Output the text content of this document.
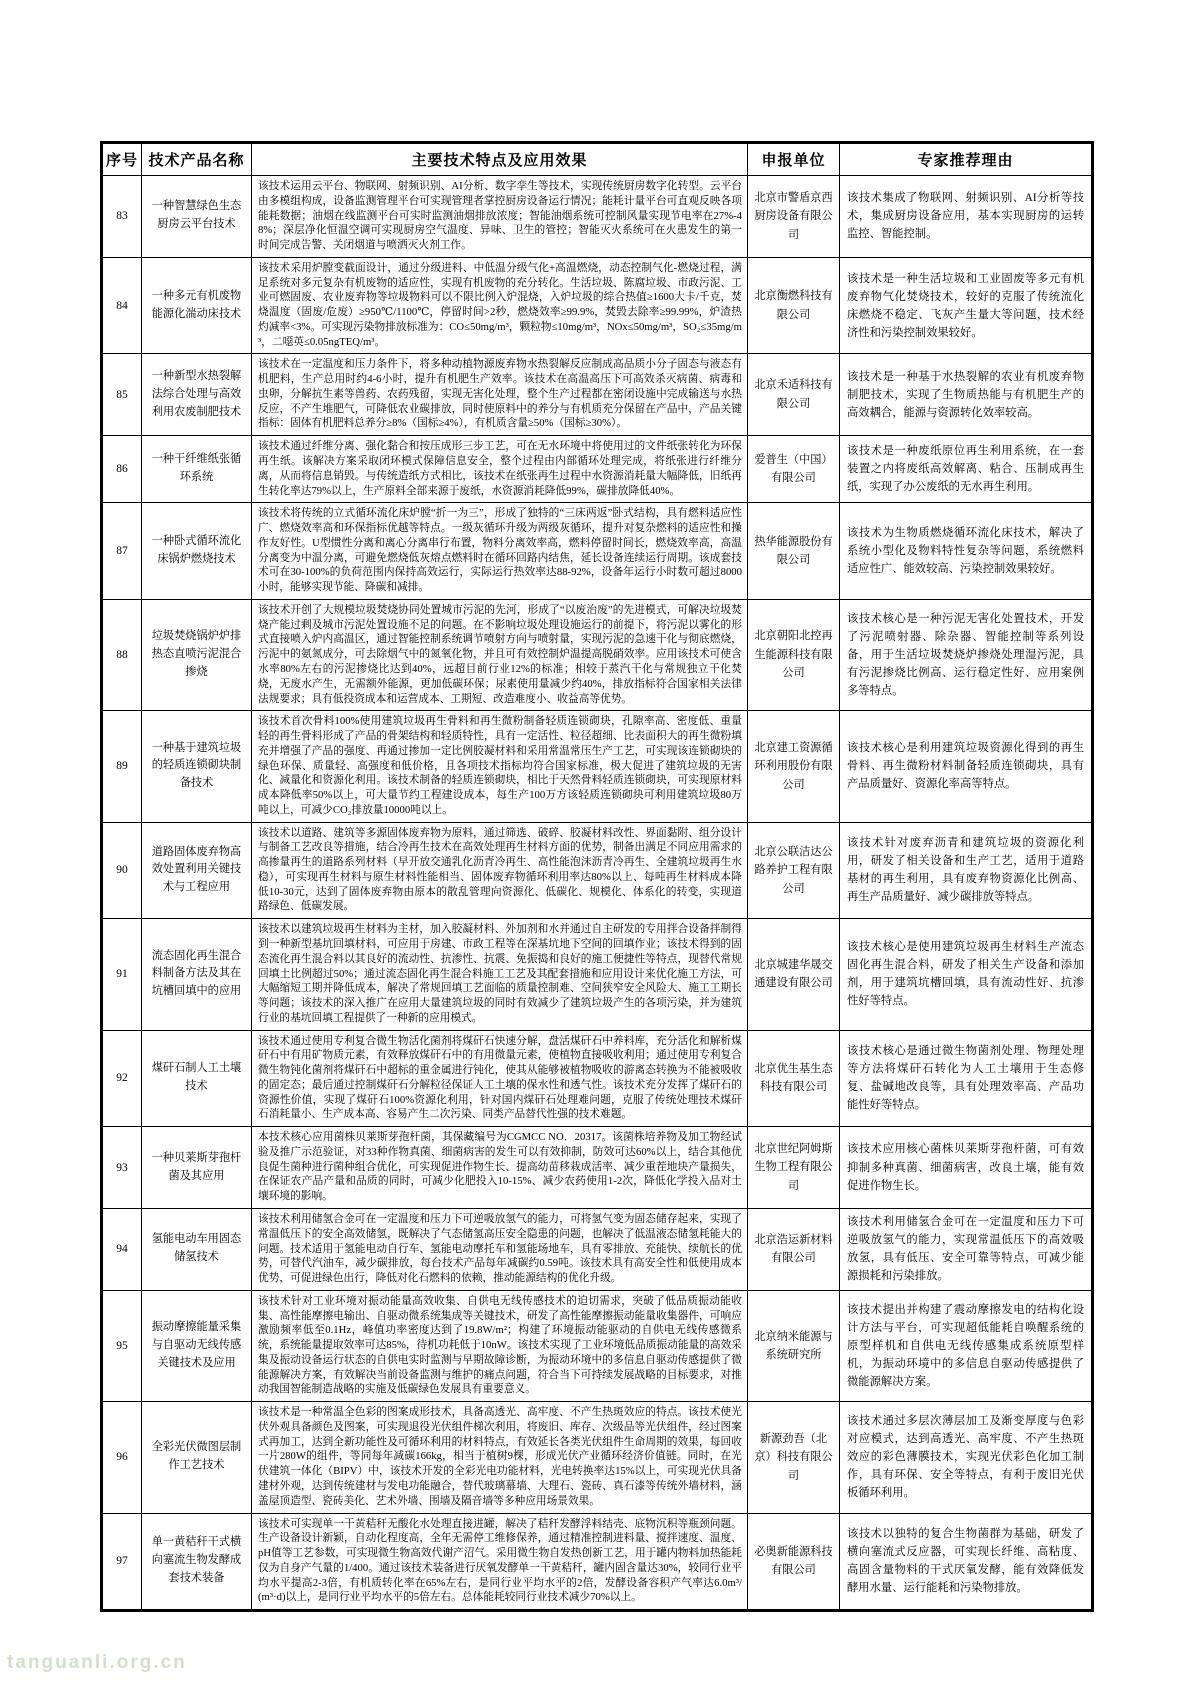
序号	技术产品名称	主要技术特点及应用效果	申报单位	专家推荐理由
83	一种智慧绿色生态厨房云平台技术	该技术运用云平台、物联网、射频识别、AI分析、数字孪生等技术，实现传统厨房数字化转型。云平台由多模组构成，设备监测管理平台可实现管理者掌控厨房设备运行情况；能耗计量平台可直观反映各项能耗数据；油烟在线监测平台可实时监测油烟排放浓度；智能油烟系统可控制风量实现节电率在27%-48%；深层净化恒温空调可实现厨房空气温度、异味、卫生的管控；智能灭火系统可在火患发生的第一时间完成告警、关闭烟道与喷洒灭火剂工作。	北京市警盾京西厨房设备有限公司	该技术集成了物联网、射频识别、AI分析等技术，集成厨房设备应用，基本实现厨房的运转监控、智能控制。
84	一种多元有机废物能源化湍动床技术	该技术采用炉膛变截面设计，通过分级进料、中低温分级气化+高温燃烧，动态控制气化-燃烧过程，满足系统对多元复杂有机废物的适应性，实现有机废物的充分转化。生活垃圾、陈腐垃圾、市政污泥、工业可燃固废、农业废弃物等垃圾物料可以不限比例入炉混烧，入炉垃圾的综合热值≥1600大卡/千克，焚烧温度（固废/危废）≥950℃/1100℃，停留时间>2秒，燃烧效率≥99.9%，焚毁去除率≥99.99%，炉渣热灼减率<3%。可实现污染物排放标准为：CO≤50mg/m³，颗粒物≤10mg/m³，NOx≤50mg/m³，SO₂≤35mg/m³，二噁英≤0.05ngTEQ/m³。	北京衡燃科技有限公司	该技术是一种生活垃圾和工业固废等多元有机废弃物气化焚烧技术，较好的克服了传统流化床燃烧不稳定、飞灰产生量大等问题，技术经济性和污染控制效果较好。
85	一种新型水热裂解法综合处理与高效利用农废制肥技术	该技术在一定温度和压力条件下，将多种动植物源废弃物水热裂解反应制成高品质小分子固态与液态有机肥料，生产总用时约4-6小时，提升有机肥生产效率。该技术在高温高压下可高效杀灭病菌、病毒和虫卵，分解抗生素等兽药、农药残留，实现无害化处理，整个生产过程都在密闭设施中完成输送与水热反应，不产生堆肥气，可降低农业碳排放，同时使原料中的养分与有机质充分保留在产品中，产品关键指标：固体有机肥料总养分≥8%（国标≥4%），有机质含量≥50%（国标≥30%）。	北京禾适科技有限公司	该技术是一种基于水热裂解的农业有机废弃物制肥技术，实现了生物质热能与有机肥生产的高效耦合，能源与资源转化效率较高。
86	一种干纤维纸张循环系统	该技术通过纤维分离、强化黏合和按压成形三步工艺，可在无水环境中将使用过的文件纸张转化为环保再生纸。该解决方案采取闭环模式保障信息安全，整个过程由内部循环处理完成，将纸张进行纤维分离，从而将信息销毁。与传统造纸方式相比，该技术在纸张再生过程中水资源消耗量大幅降低，旧纸再生转化率达79%以上，生产原料全部来源于废纸，水资源消耗降低99%，碳排放降低40%。	爱普生（中国）有限公司	该技术是一种废纸原位再生利用系统，在一套装置之内将废纸高效解离、粘合、压制成再生纸，实现了办公废纸的无水再生利用。
87	一种卧式循环流化床锅炉燃烧技术	该技术将传统的立式循环流化床炉膛“折一为三”，形成了独特的“三床两返”卧式结构，具有燃料适应性广、燃烧效率高和环保指标优越等特点。一级灰循环升级为两级灰循环，提升对复杂燃料的适应性和操作友好性。U型惯性分离和离心分离串行布置，物料分离效率高，燃料停留时间长，燃烧效率高，高温分离变为中温分离，可避免燃烧低灰熔点燃料时在循环回路内结焦，延长设备连续运行周期。该成套技术可在30-100%的负荷范围内保持高效运行，实际运行热效率达88-92%，设备年运行小时数可超过8000小时，能够实现节能、降碳和减排。	热华能源股份有限公司	该技术为生物质燃烧循环流化床技术，解决了系统小型化及物料特性复杂等问题，系统燃料适应性广、能效较高、污染控制效果较好。
88	垃圾焚烧锅炉炉排热态直喷污泥混合掺烧	该技术开创了大规模垃圾焚烧协同处置城市污泥的先河，形成了“以废治废”的先进模式，可解决垃圾焚烧产能过剩及城市污泥处置设施不足的问题。在不影响垃圾处理设施运行的前提下，将污泥以雾化的形式直接喷入炉内高温区，通过智能控制系统调节喷射方向与喷射量，实现污泥的急速干化与彻底燃烧，污泥中的氨氮成分，可去除烟气中的氮氧化物，并且可有效控制炉温提高脱硝效率。应用该技术可使含水率80%左右的污泥掺烧比达到40%，远超目前行业12%的标准；相较于蒸汽干化与常规独立干化焚烧，无废水产生，无需额外能源，更加低碳环保；尿素使用量减少约40%，排放指标符合国家相关法律法规要求；具有低投资成本和运营成本、工期短、改造难度小、收益高等优势。	北京朝阳北控再生能源科技有限公司	该技术核心是一种污泥无害化处置技术，开发了污泥喷射器、除杂器、智能控制等系列设备，用于生活垃圾焚烧炉掺烧处理湿污泥，具有污泥掺烧比例高、运行稳定性好、应用案例多等特点。
89	一种基于建筑垃圾的轻质连锁砌块制备技术	该技术首次骨料100%使用建筑垃圾再生骨料和再生微粉制备轻质连锁砌块，孔隙率高、密度低、重量轻的再生骨料形成了产品的骨架结构和轻质特性，具有一定活性、粒径超细、比表面积大的再生微粉填充并增强了产品的强度、再通过掺加一定比例胶凝材料和采用常温常压生产工艺，可实现该连锁砌块的绿色环保、质量轻、高强度和低价格，且各项技术指标均符合国家标准，极大促进了建筑垃圾的无害化、减量化和资源化利用。该技术制备的轻质连锁砌块，相比于天然骨料轻质连锁砌块，可实现原材料成本降低率50%以上，可大量节约工程建设成本，每生产100万方该轻质连锁砌块可利用建筑垃圾80万吨以上，可减少CO₂排放量10000吨以上。	北京建工资源循环利用股份有限公司	该技术核心是利用建筑垃圾资源化得到的再生骨料、再生微粉材料制备轻质连锁砌块，具有产品质量好、资源化率高等特点。
90	道路固体废弃物高效处置利用关键技术与工程应用	该技术以道路、建筑等多源固体废弃物为原料，通过筛选、破碎、胶凝材料改性、界面黏附、组分设计与制备工艺改良等措施，结合冷再生技术在高效处理再生材料方面的优势，制备出满足不同应用需求的高掺量再生的道路系列材料（早开放交通乳化沥青冷再生、高性能泡沫沥青冷再生、全建筑垃圾再生水稳），可实现再生材料与原生材料性能相当、固体废弃物循环利用率达80%以上、每吨再生材料成本降低10-30元，达到了固体废弃物由原本的散乱管理向资源化、低碳化、规模化、体系化的转变，实现道路绿色、低碳发展。	北京公联洁达公路养护工程有限公司	该技术针对废弃沥青和建筑垃圾的资源化利用，研发了相关设备和生产工艺，适用于道路基材的再生利用，具有废弃物资源化比例高、再生产品质量好、减少碳排放等特点。
91	流态固化再生混合料制备方法及其在坑槽回填中的应用	该技术以建筑垃圾再生材料为主材，加入胶凝材料、外加剂和水并通过自主研发的专用拌合设备拌制得到一种新型基坑回填材料，可应用于房建、市政工程等在深基坑地下空间的回填作业；该技术得到的固态流化再生混合料以其良好的流动性、抗渗性、抗震、免振捣和良好的施工便捷性等特点，现替代常规回填土比例超过50%；通过流态固化再生混合料施工工艺及其配套措施和应用设计来优化施工方法，可大幅缩短工期并降低成本，解决了常规回填工艺面临的质量控制难、空间狭窄安全风险大、施工工期长等问题；该技术的深入推广在应用大量建筑垃圾的同时有效减少了建筑垃圾产生的各项污染，并为建筑行业的基坑回填工程提供了一种新的应用模式。	北京城建华晟交通建设有限公司	该技术核心是使用建筑垃圾再生材料生产流态固化再生混合料，研发了相关生产设备和添加剂，用于建筑坑槽回填，具有流动性好、抗渗性好等特点。
92	煤矸石制人工土壤技术	该技术通过使用专利复合微生物活化菌剂将煤矸石快速分解，盘活煤矸石中养料库，充分活化和解析煤矸石中有用矿物质元素，有效释放煤矸石中的有用微量元素，使植物直接吸收利用；通过使用专利复合微生物钝化菌剂将煤矸石中超标的重金属进行钝化，使其从能够被植物吸收的游离态转换为不能被吸收的固定态；最后通过控制煤矸石分解粒径保证人工土壤的保水性和透气性。该技术充分发挥了煤矸石的资源性价值，实现了煤矸石100%资源化利用，针对国内煤矸石处理难问题，克服了传统处理技术煤矸石消耗量小、生产成本高、容易产生二次污染、同类产品替代性强的技术难题。	北京优生基生态科技有限公司	该技术核心是通过微生物菌剂处理、物理处理等方法将煤矸石转化为人工土壤用于生态修复、盐碱地改良等，具有处理效率高、产品功能性好等特点。
93	一种贝莱斯芽孢杆菌及其应用	本技术核心应用菌株贝莱斯芽孢杆菌，其保藏编号为CGMCC NO．20317。该菌株培养物及加工物经试验及推广示范验证，对33种作物真菌、细菌病害的发生可以有效抑制，防效可达60%以上，结合其他优良促生菌种进行菌种组合优化，可实现促进作物生长、提高幼苗移栽成活率、减少重茬地块产量损失，在保证农产品产量和品质的同时，可减少化肥投入10-15%、减少农药使用1-2次，降低化学投入品对土壤环境的影响。	北京世纪阿姆斯生物工程有限公司	该技术应用核心菌株贝莱斯芽孢杆菌，可有效抑制多种真菌、细菌病害，改良土壤，能有效促进作物生长。
94	氢能电动车用固态储氢技术	该技术利用储氢合金可在一定温度和压力下可逆吸放氢气的能力，可将氢气变为固态储存起来，实现了常温低压下的安全高效储氢，既解决了气态储氢高压安全隐患的问题，也解决了低温液态储氢耗能大的问题。技术适用于氢能电动自行车、氢能电动摩托车和氢能场地车，具有零排放、充能快、续航长的优势，可替代汽油车，减少碳排放，每台技术产品每年减碳约0.59吨。该技术具有高安全性和低使用成本优势，可促进绿色出行，降低对化石燃料的依赖，推动能源结构的优化升级。	北京浩运新材料有限公司	该技术利用储氢合金可在一定温度和压力下可逆吸放氢气的能力，实现常温低压下的高效吸放氢，具有低压、安全可靠等特点，可减少能源损耗和污染排放。
95	振动摩擦能量采集与自驱动无线传感关键技术及应用	该技术针对工业环境对振动能量高效收集、自供电无线传感技术的迫切需求，突破了低品质振动能收集、高性能摩擦电输出、自驱动微系统集成等关键技术，研发了高性能摩擦振动能量收集器件，可响应激励频率低至0.1Hz，峰值功率密度达到了19.8W/m²；构建了环境振动能驱动的自供电无线传感微系统，系统能量提取效率可达85%，待机功耗低于10nW。该技术实现了工业环境低品质振动能量的高效采集及振动设备运行状态的自供电实时监测与早期故障诊断，为振动环境中的多信息自驱动传感提供了微能源解决方案，有效解决当前设备监测与维护的痛点问题，符合当下可持续发展战略的目标要求，对推动我国智能制造战略的实施及低碳绿色发展具有重要意义。	北京纳米能源与系统研究所	该技术提出并构建了震动摩擦发电的结构化设计方法与平台，可实现超低能耗自唤醒系统的原型样机和自供电无线传感集成系统原型样机，为振动环境中的多信息自驱动传感提供了微能源解决方案。
96	全彩光伏微图层制作工艺技术	该技术是一种常温全色彩的图案成形技术，具备高透光、高牢度、不产生热斑效应的特点。该技术使光伏外观具备颜色及图案，可实现退役光伏组件梯次利用，将废旧、库存、次级品等光伏组件，经过图案式再加工，达到全新功能性及可循环利用的材料特点，有效延长各类光伏组件生命周期的效果，每回收一片280W的组件，等同每年减碳166kg，相当于植树9棵，形成光伏产业循环经济价值链。同时，在光伏建筑一体化（BIPV）中，该技术开发的全彩光电功能材料，光电转换率达15%以上，可实现光伏具备建材外观，达到传统建材与发电功能融合，替代玻璃幕墙、大理石、瓷砖、真石漆等传统外墙材料，涵盖屋顶造型、瓷砖美化、艺术外墙、围墙及隔音墙等多种应用场景效果。	新源劲吾（北京）科技有限公司	该技术通过多层次薄层加工及渐变厚度与色彩对应模式，达到高透光、高牢度、不产生热斑效应的彩色薄膜技术，实现光伏彩色化加工制作，具有环保、安全等特点，有利于废旧光伏板循环利用。
97	单一黄秸秆干式横向塞流生物发酵成套技术装备	该技术可实现单一干黄秸秆无酸化水处理直接进罐，解决了秸秆发酵浮料结壳、底物沉积等瓶颈问题。生产设备设计新颖，自动化程度高，全年无需停工维修保养，通过精准控制进料量、搅拌速度、温度、pH值等工艺参数，可实现微生物高效代谢产沼气。采用微生物自发热创新工艺，用于罐内物料加热能耗仅为自身产气量的1/400。通过该技术装备进行厌氧发酵单一干黄秸秆，罐内固含量达30%，较同行业平均水平提高2-3倍，有机质转化率在65%左右，是同行业平均水平的2倍，发酵设备容积产气率达6.0m³/(m³·d)以上，是同行业平均水平的5倍左右。总体能耗较同行业技术减少70%以上。	必奥新能源科技有限公司	该技术以独特的复合生物菌群为基础，研发了横向塞流式反应器，可实现长纤维、高粘度、高固含量物料的干式厌氧发酵，能有效降低发酵用水量、运行能耗和污染物排放。
tanguanli.org.cn
